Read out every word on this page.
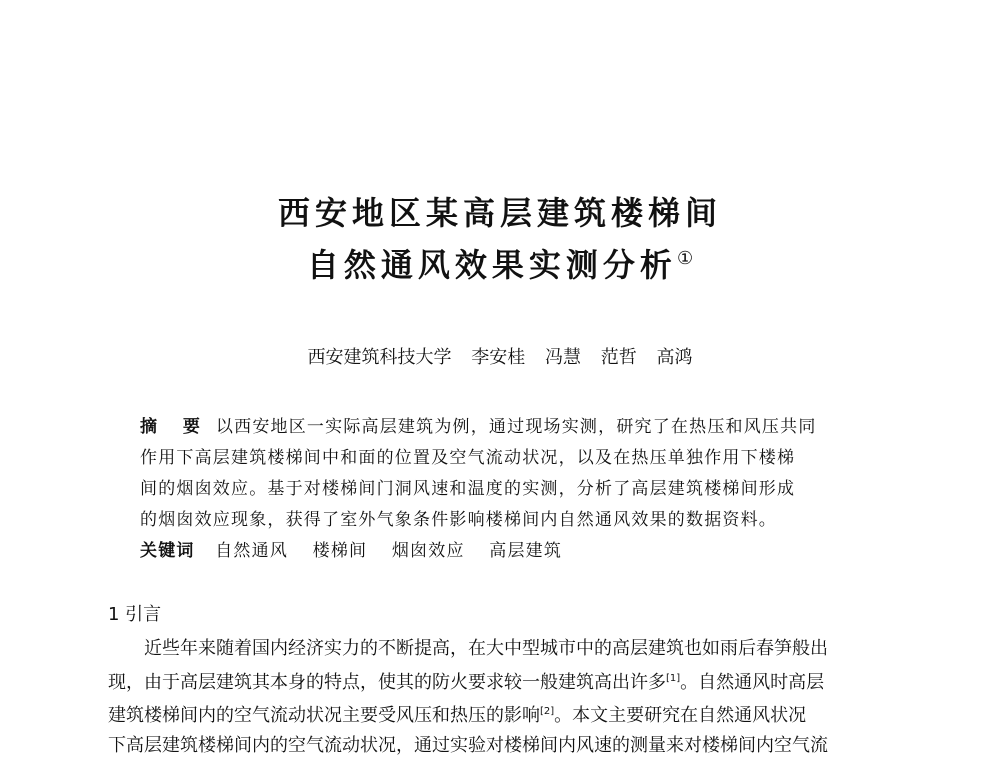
西安地区某高层建筑楼梯间
自然通风效果实测分析①
西安建筑科技大学 李安桂 冯慧 范哲 高鸿
摘 要 以西安地区一实际高层建筑为例，通过现场实测，研究了在热压和风压共同
作用下高层建筑楼梯间中和面的位置及空气流动状况，以及在热压单独作用下楼梯
间的烟囱效应。基于对楼梯间门洞风速和温度的实测，分析了高层建筑楼梯间形成
的烟囱效应现象，获得了室外气象条件影响楼梯间内自然通风效果的数据资料。
关键词 自然通风 楼梯间 烟囱效应 高层建筑
1 引言
近些年来随着国内经济实力的不断提高，在大中型城市中的高层建筑也如雨后春笋般出
现，由于高层建筑其本身的特点，使其的防火要求较一般建筑高出许多[1]。自然通风时高层
建筑楼梯间内的空气流动状况主要受风压和热压的影响[2]。本文主要研究在自然通风状况
下高层建筑楼梯间内的空气流动状况，通过实验对楼梯间内风速的测量来对楼梯间内空气流
